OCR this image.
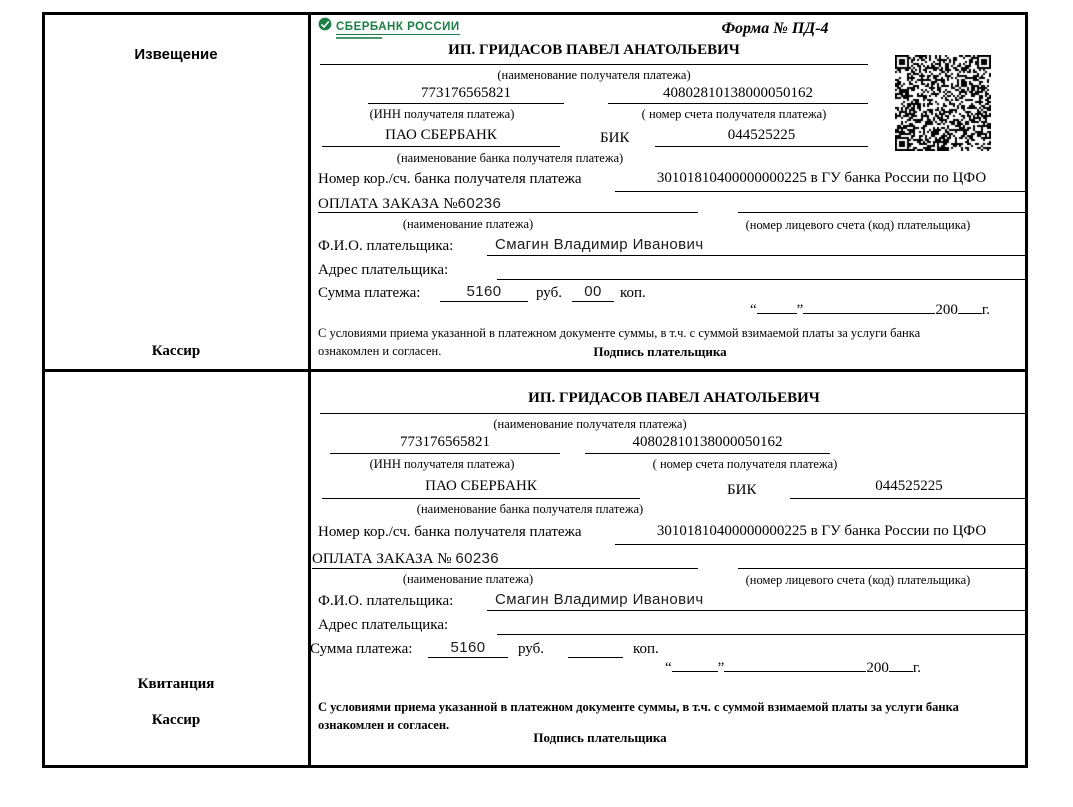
Извещение
Кассир
Квитанция
Кассир
СБЕРБАНК РОССИИ	Форма № ПД-4
ИП. ГРИДАСОВ ПАВЕЛ АНАТОЛЬЕВИЧ
(наименование получателя платежа)
773176565821	40802810138000050162
(ИНН получателя платежа)	( номер счета получателя платежа)
ПАО СБЕРБАНК	БИК	044525225
(наименование банка получателя платежа)
Номер кор./сч. банка получателя платежа	30101810400000000225 в ГУ банка России по ЦФО
ОПЛАТА ЗАКАЗА №60236
(наименование платежа)	(номер лицевого счета (код) плательщика)
Ф.И.О. плательщика:	Смагин Владимир Иванович
Адрес плательщика:
Сумма платежа:	5160	руб.	00	коп.
“	”	200 г.
С условиями приема указанной в платежном документе суммы, в т.ч. с суммой взимаемой платы за услуги банка
ознакомлен и согласен.	Подпись плательщика
ИП. ГРИДАСОВ ПАВЕЛ АНАТОЛЬЕВИЧ
(наименование получателя платежа)
773176565821	40802810138000050162
(ИНН получателя платежа)	( номер счета получателя платежа)
ПАО СБЕРБАНК	БИК	044525225
(наименование банка получателя платежа)
Номер кор./сч. банка получателя платежа	30101810400000000225 в ГУ банка России по ЦФО
ОПЛАТА ЗАКАЗА № 60236
(наименование платежа)	(номер лицевого счета (код) плательщика)
Ф.И.О. плательщика:	Смагин Владимир Иванович
Адрес плательщика:
Сумма платежа:	5160	руб.	коп.
“	”	200 г.
С условиями приема указанной в платежном документе суммы, в т.ч. с суммой взимаемой платы за услуги банка
ознакомлен и согласен.
Подпись плательщика
